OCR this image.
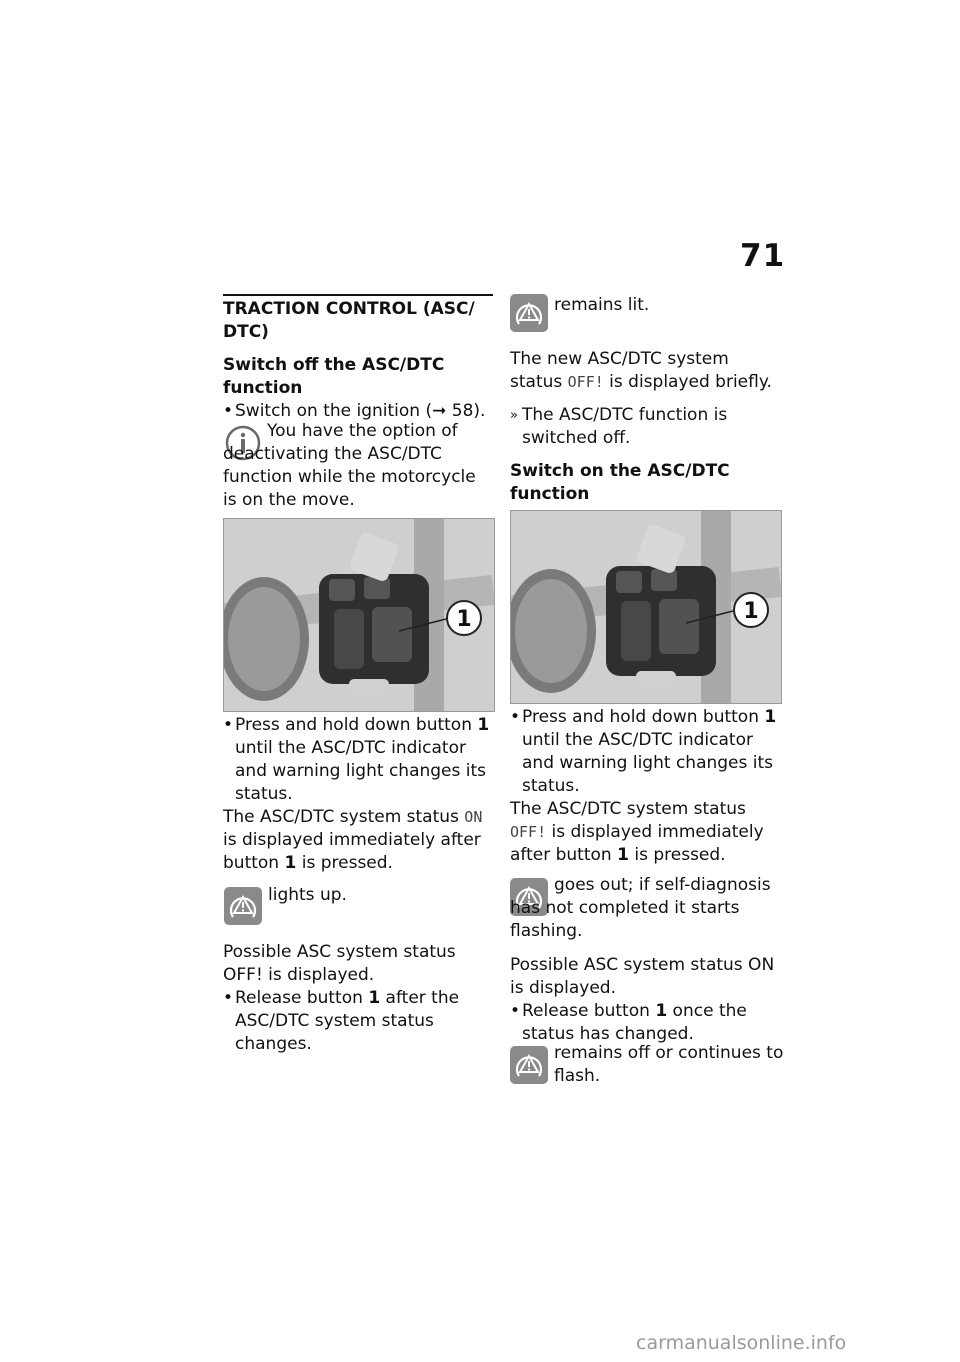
71

TRACTION CONTROL (ASC/ DTC)

Switch off the ASC/DTC function

• Switch on the ignition (➞ 58).

You have the option of deactivating the ASC/DTC function while the motorcycle is on the move.

1

• Press and hold down button 1 until the ASC/DTC indicator and warning light changes its status.

The ASC/DTC system status ON is displayed immediately after button 1 is pressed.

lights up.

Possible ASC system status OFF! is displayed.

• Release button 1 after the ASC/DTC system status changes.

remains lit.

The new ASC/DTC system status OFF! is displayed briefly.

» The ASC/DTC function is switched off.

Switch on the ASC/DTC function

1

• Press and hold down button 1 until the ASC/DTC indicator and warning light changes its status.

The ASC/DTC system status OFF! is displayed immediately after button 1 is pressed.

goes out; if self-diagnosis has not completed it starts flashing.

Possible ASC system status ON is displayed.

• Release button 1 once the status has changed.

remains off or continues to flash.
carmanualsonline.info
